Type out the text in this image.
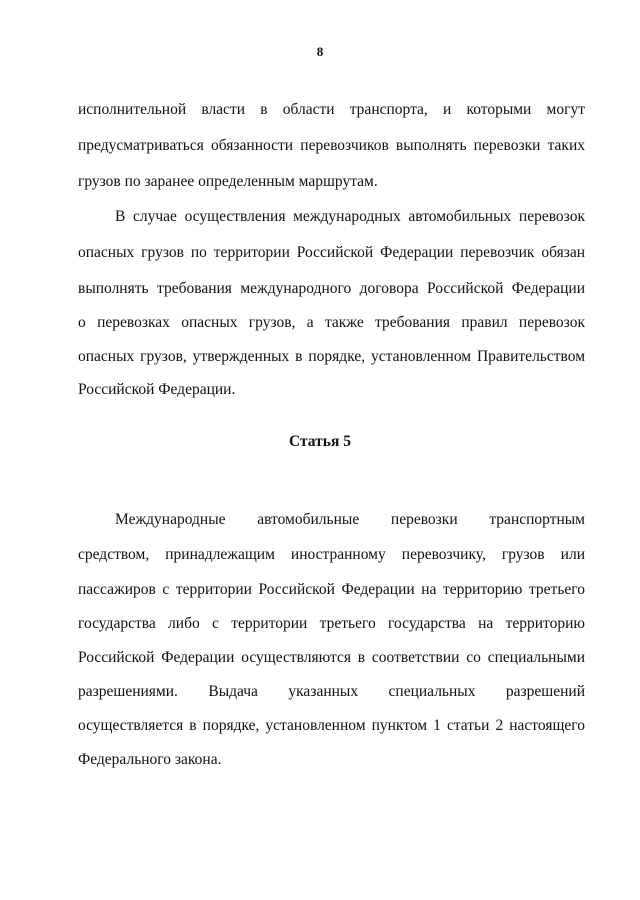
8
исполнительной власти в области транспорта, и которыми могут
предусматриваться обязанности перевозчиков выполнять перевозки таких
грузов по заранее определенным маршрутам.
В случае осуществления международных автомобильных перевозок
опасных грузов по территории Российской Федерации перевозчик обязан
выполнять требования международного договора Российской Федерации
о перевозках опасных грузов, а также требования правил перевозок
опасных грузов, утвержденных в порядке, установленном Правительством
Российской Федерации.
Статья 5
Международные автомобильные перевозки транспортным
средством, принадлежащим иностранному перевозчику, грузов или
пассажиров с территории Российской Федерации на территорию третьего
государства либо с территории третьего государства на территорию
Российской Федерации осуществляются в соответствии со специальными
разрешениями. Выдача указанных специальных разрешений
осуществляется в порядке, установленном пунктом 1 статьи 2 настоящего
Федерального закона.
